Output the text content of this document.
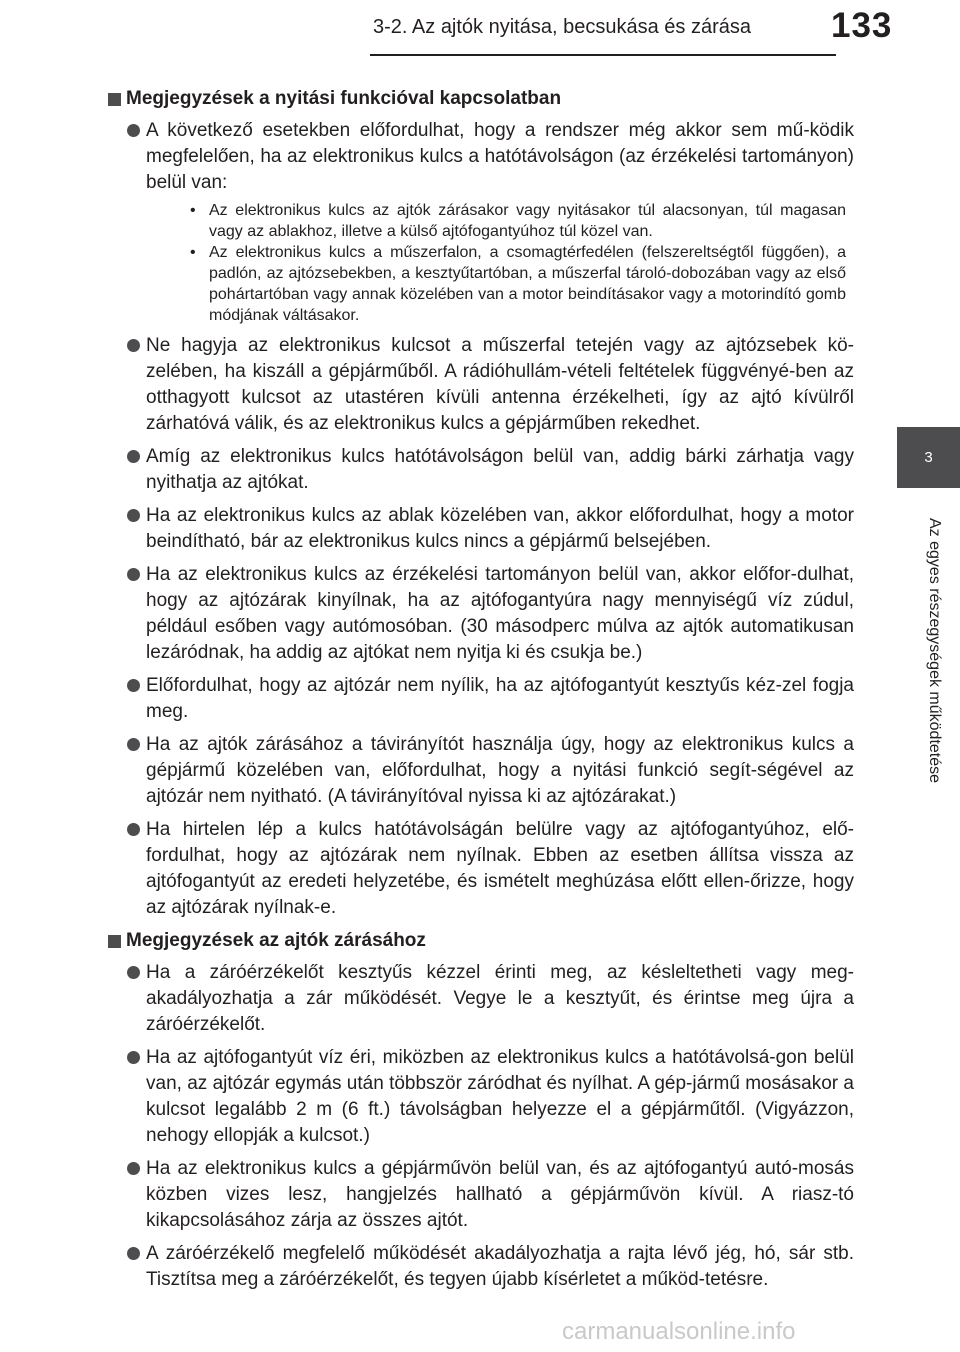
3-2. Az ajtók nyitása, becsukása és zárása 133
3
Az egyes részegységek működtetése
Megjegyzések a nyitási funkcióval kapcsolatban
A következő esetekben előfordulhat, hogy a rendszer még akkor sem mű-ködik megfelelően, ha az elektronikus kulcs a hatótávolságon (az érzékelési tartományon) belül van:
• Az elektronikus kulcs az ajtók zárásakor vagy nyitásakor túl alacsonyan, túl magasan vagy az ablakhoz, illetve a külső ajtófogantyúhoz túl közel van.
• Az elektronikus kulcs a műszerfalon, a csomagtérfedélen (felszereltségtől függően), a padlón, az ajtózsebekben, a kesztyűtartóban, a műszerfal tároló-dobozában vagy az első pohártartóban vagy annak közelében van a motor beindításakor vagy a motorindító gomb módjának váltásakor.
Ne hagyja az elektronikus kulcsot a műszerfal tetején vagy az ajtózsebek kö-zelében, ha kiszáll a gépjárműből. A rádióhullám-vételi feltételek függvényé-ben az otthagyott kulcsot az utastéren kívüli antenna érzékelheti, így az ajtó kívülről zárhatóvá válik, és az elektronikus kulcs a gépjárműben rekedhet.
Amíg az elektronikus kulcs hatótávolságon belül van, addig bárki zárhatja vagy nyithatja az ajtókat.
Ha az elektronikus kulcs az ablak közelében van, akkor előfordulhat, hogy a motor beindítható, bár az elektronikus kulcs nincs a gépjármű belsejében.
Ha az elektronikus kulcs az érzékelési tartományon belül van, akkor előfor-dulhat, hogy az ajtózárak kinyílnak, ha az ajtófogantyúra nagy mennyiségű víz zúdul, például esőben vagy autómosóban. (30 másodperc múlva az ajtók automatikusan lezáródnak, ha addig az ajtókat nem nyitja ki és csukja be.)
Előfordulhat, hogy az ajtózár nem nyílik, ha az ajtófogantyút kesztyűs kéz-zel fogja meg.
Ha az ajtók zárásához a távirányítót használja úgy, hogy az elektronikus kulcs a gépjármű közelében van, előfordulhat, hogy a nyitási funkció segít-ségével az ajtózár nem nyitható. (A távirányítóval nyissa ki az ajtózárakat.)
Ha hirtelen lép a kulcs hatótávolságán belülre vagy az ajtófogantyúhoz, elő-fordulhat, hogy az ajtózárak nem nyílnak. Ebben az esetben állítsa vissza az ajtófogantyút az eredeti helyzetébe, és ismételt meghúzása előtt ellen-őrizze, hogy az ajtózárak nyílnak-e.
Megjegyzések az ajtók zárásához
Ha a záróérzékelőt kesztyűs kézzel érinti meg, az késleltetheti vagy meg-akadályozhatja a zár működését. Vegye le a kesztyűt, és érintse meg újra a záróérzékelőt.
Ha az ajtófogantyút víz éri, miközben az elektronikus kulcs a hatótávolsá-gon belül van, az ajtózár egymás után többször záródhat és nyílhat. A gép-jármű mosásakor a kulcsot legalább 2 m (6 ft.) távolságban helyezze el a gépjárműtől. (Vigyázzon, nehogy ellopják a kulcsot.)
Ha az elektronikus kulcs a gépjárművön belül van, és az ajtófogantyú autó-mosás közben vizes lesz, hangjelzés hallható a gépjárművön kívül. A riasz-tó kikapcsolásához zárja az összes ajtót.
A záróérzékelő megfelelő működését akadályozhatja a rajta lévő jég, hó, sár stb. Tisztítsa meg a záróérzékelőt, és tegyen újabb kísérletet a működ-tetésre.
carmanualsonline.info
